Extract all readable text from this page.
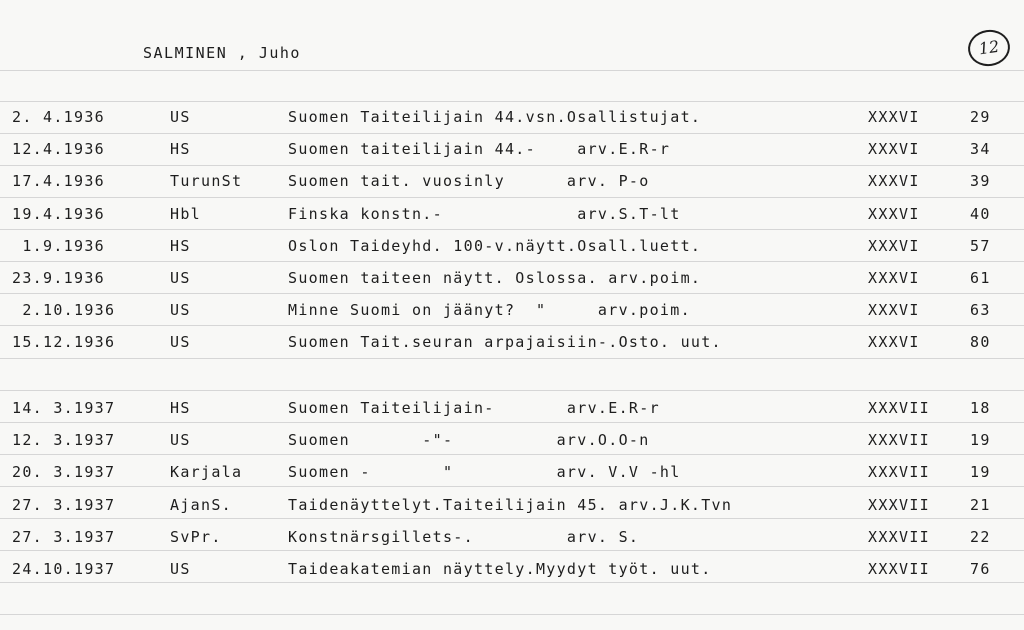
SALMINEN , Juho	12
2. 4.1936	US	Suomen Taiteilijain 44.vsn.Osallistujat.	XXXVI	29
12.4.1936	HS	Suomen taiteilijain 44.-    arv.E.R-r	XXXVI	34
17.4.1936	TurunSt	Suomen tait. vuosinly      arv. P-o	XXXVI	39
19.4.1936	Hbl	Finska konstn.-             arv.S.T-lt	XXXVI	40
1.9.1936	HS	Oslon Taideyhd. 100-v.näytt.Osall.luett.	XXXVI	57
23.9.1936	US	Suomen taiteen näytt. Oslossa. arv.poim.	XXXVI	61
2.10.1936	US	Minne Suomi on jäänyt?  "     arv.poim.	XXXVI	63
15.12.1936	US	Suomen Tait.seuran arpajaisiin-.Osto. uut.	XXXVI	80
14. 3.1937	HS	Suomen Taiteilijain-       arv.E.R-r	XXXVII	18
12. 3.1937	US	Suomen       -"-          arv.O.O-n	XXXVII	19
20. 3.1937	Karjala	Suomen -       "          arv. V.V -hl	XXXVII	19
27. 3.1937	AjanS.	Taidenäyttelyt.Taiteilijain 45. arv.J.K.Tvn	XXXVII	21
27. 3.1937	SvPr.	Konstnärsgillets-.         arv. S.	XXXVII	22
24.10.1937	US	Taideakatemian näyttely.Myydyt työt. uut.	XXXVII	76
